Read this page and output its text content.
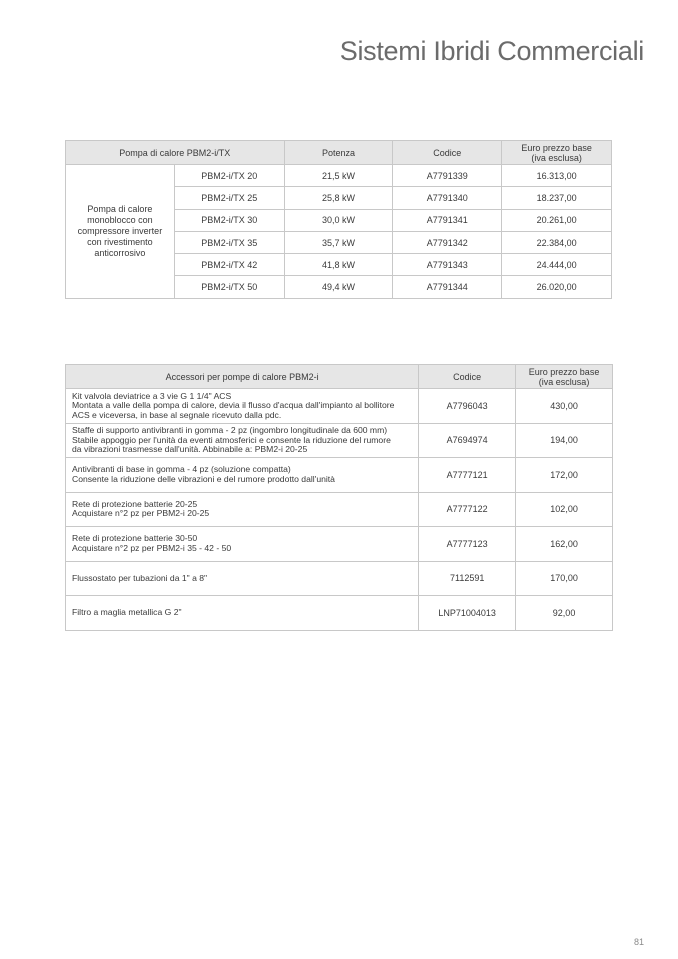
Sistemi Ibridi Commerciali
Pompa di calore PBM2-i/TX		Potenza	Codice	Euro prezzo base
(iva esclusa)
Pompa di calore monoblocco con compressore inverter con rivestimento anticorrosivo	PBM2-i/TX 20	21,5 kW	A7791339	16.313,00
	PBM2-i/TX 25	25,8 kW	A7791340	18.237,00
	PBM2-i/TX 30	30,0 kW	A7791341	20.261,00
	PBM2-i/TX 35	35,7 kW	A7791342	22.384,00
	PBM2-i/TX 42	41,8 kW	A7791343	24.444,00
	PBM2-i/TX 50	49,4 kW	A7791344	26.020,00
Accessori per pompe di calore PBM2-i	Codice	Euro prezzo base
(iva esclusa)
Kit valvola deviatrice a 3 vie G 1 1/4" ACS
Montata a valle della pompa di calore, devia il flusso d'acqua dall'impianto al bollitore
ACS e viceversa, in base al segnale ricevuto dalla pdc.	A7796043	430,00
Staffe di supporto antivibranti in gomma - 2 pz (ingombro longitudinale da 600 mm)
Stabile appoggio per l'unità da eventi atmosferici e consente la riduzione del rumore
da vibrazioni trasmesse dall'unità. Abbinabile a: PBM2-i 20-25	A7694974	194,00
Antivibranti di base in gomma - 4 pz (soluzione compatta)
Consente la riduzione delle vibrazioni e del rumore prodotto dall'unità	A7777121	172,00
Rete di protezione batterie 20-25
Acquistare n°2 pz per PBM2-i 20-25	A7777122	102,00
Rete di protezione batterie 30-50
Acquistare n°2 pz per PBM2-i 35 - 42 - 50	A7777123	162,00
Flussostato per tubazioni da 1" a 8"	7112591	170,00
Filtro a maglia metallica G 2"	LNP71004013	92,00
81
